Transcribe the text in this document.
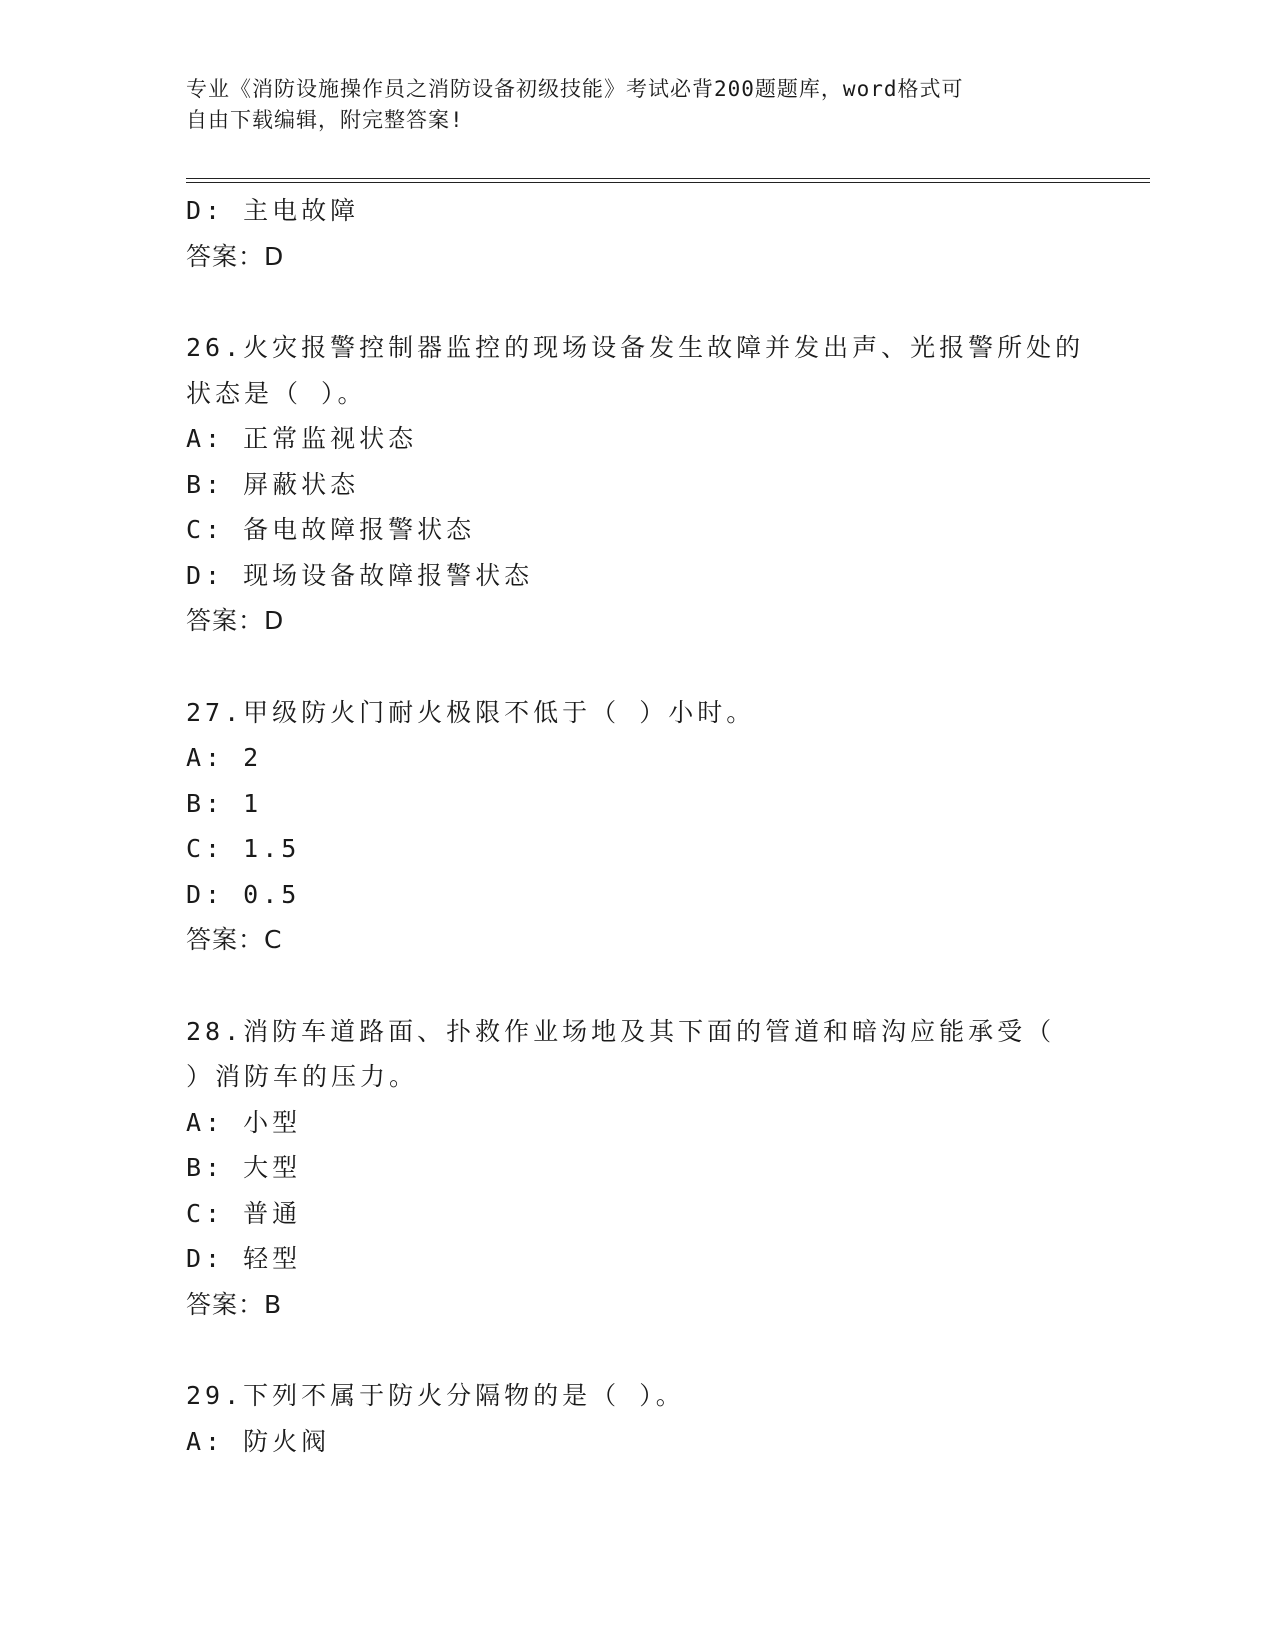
专业《消防设施操作员之消防设备初级技能》考试必背200题题库，word格式可
自由下载编辑，附完整答案!
D: 主电故障
答案：D
26.火灾报警控制器监控的现场设备发生故障并发出声、光报警所处的
状态是（ ）。
A: 正常监视状态
B: 屏蔽状态
C: 备电故障报警状态
D: 现场设备故障报警状态
答案：D
27.甲级防火门耐火极限不低于（ ）小时。
A: 2
B: 1
C: 1.5
D: 0.5
答案：C
28.消防车道路面、扑救作业场地及其下面的管道和暗沟应能承受（
）消防车的压力。
A: 小型
B: 大型
C: 普通
D: 轻型
答案：B
29.下列不属于防火分隔物的是（ ）。
A: 防火阀
